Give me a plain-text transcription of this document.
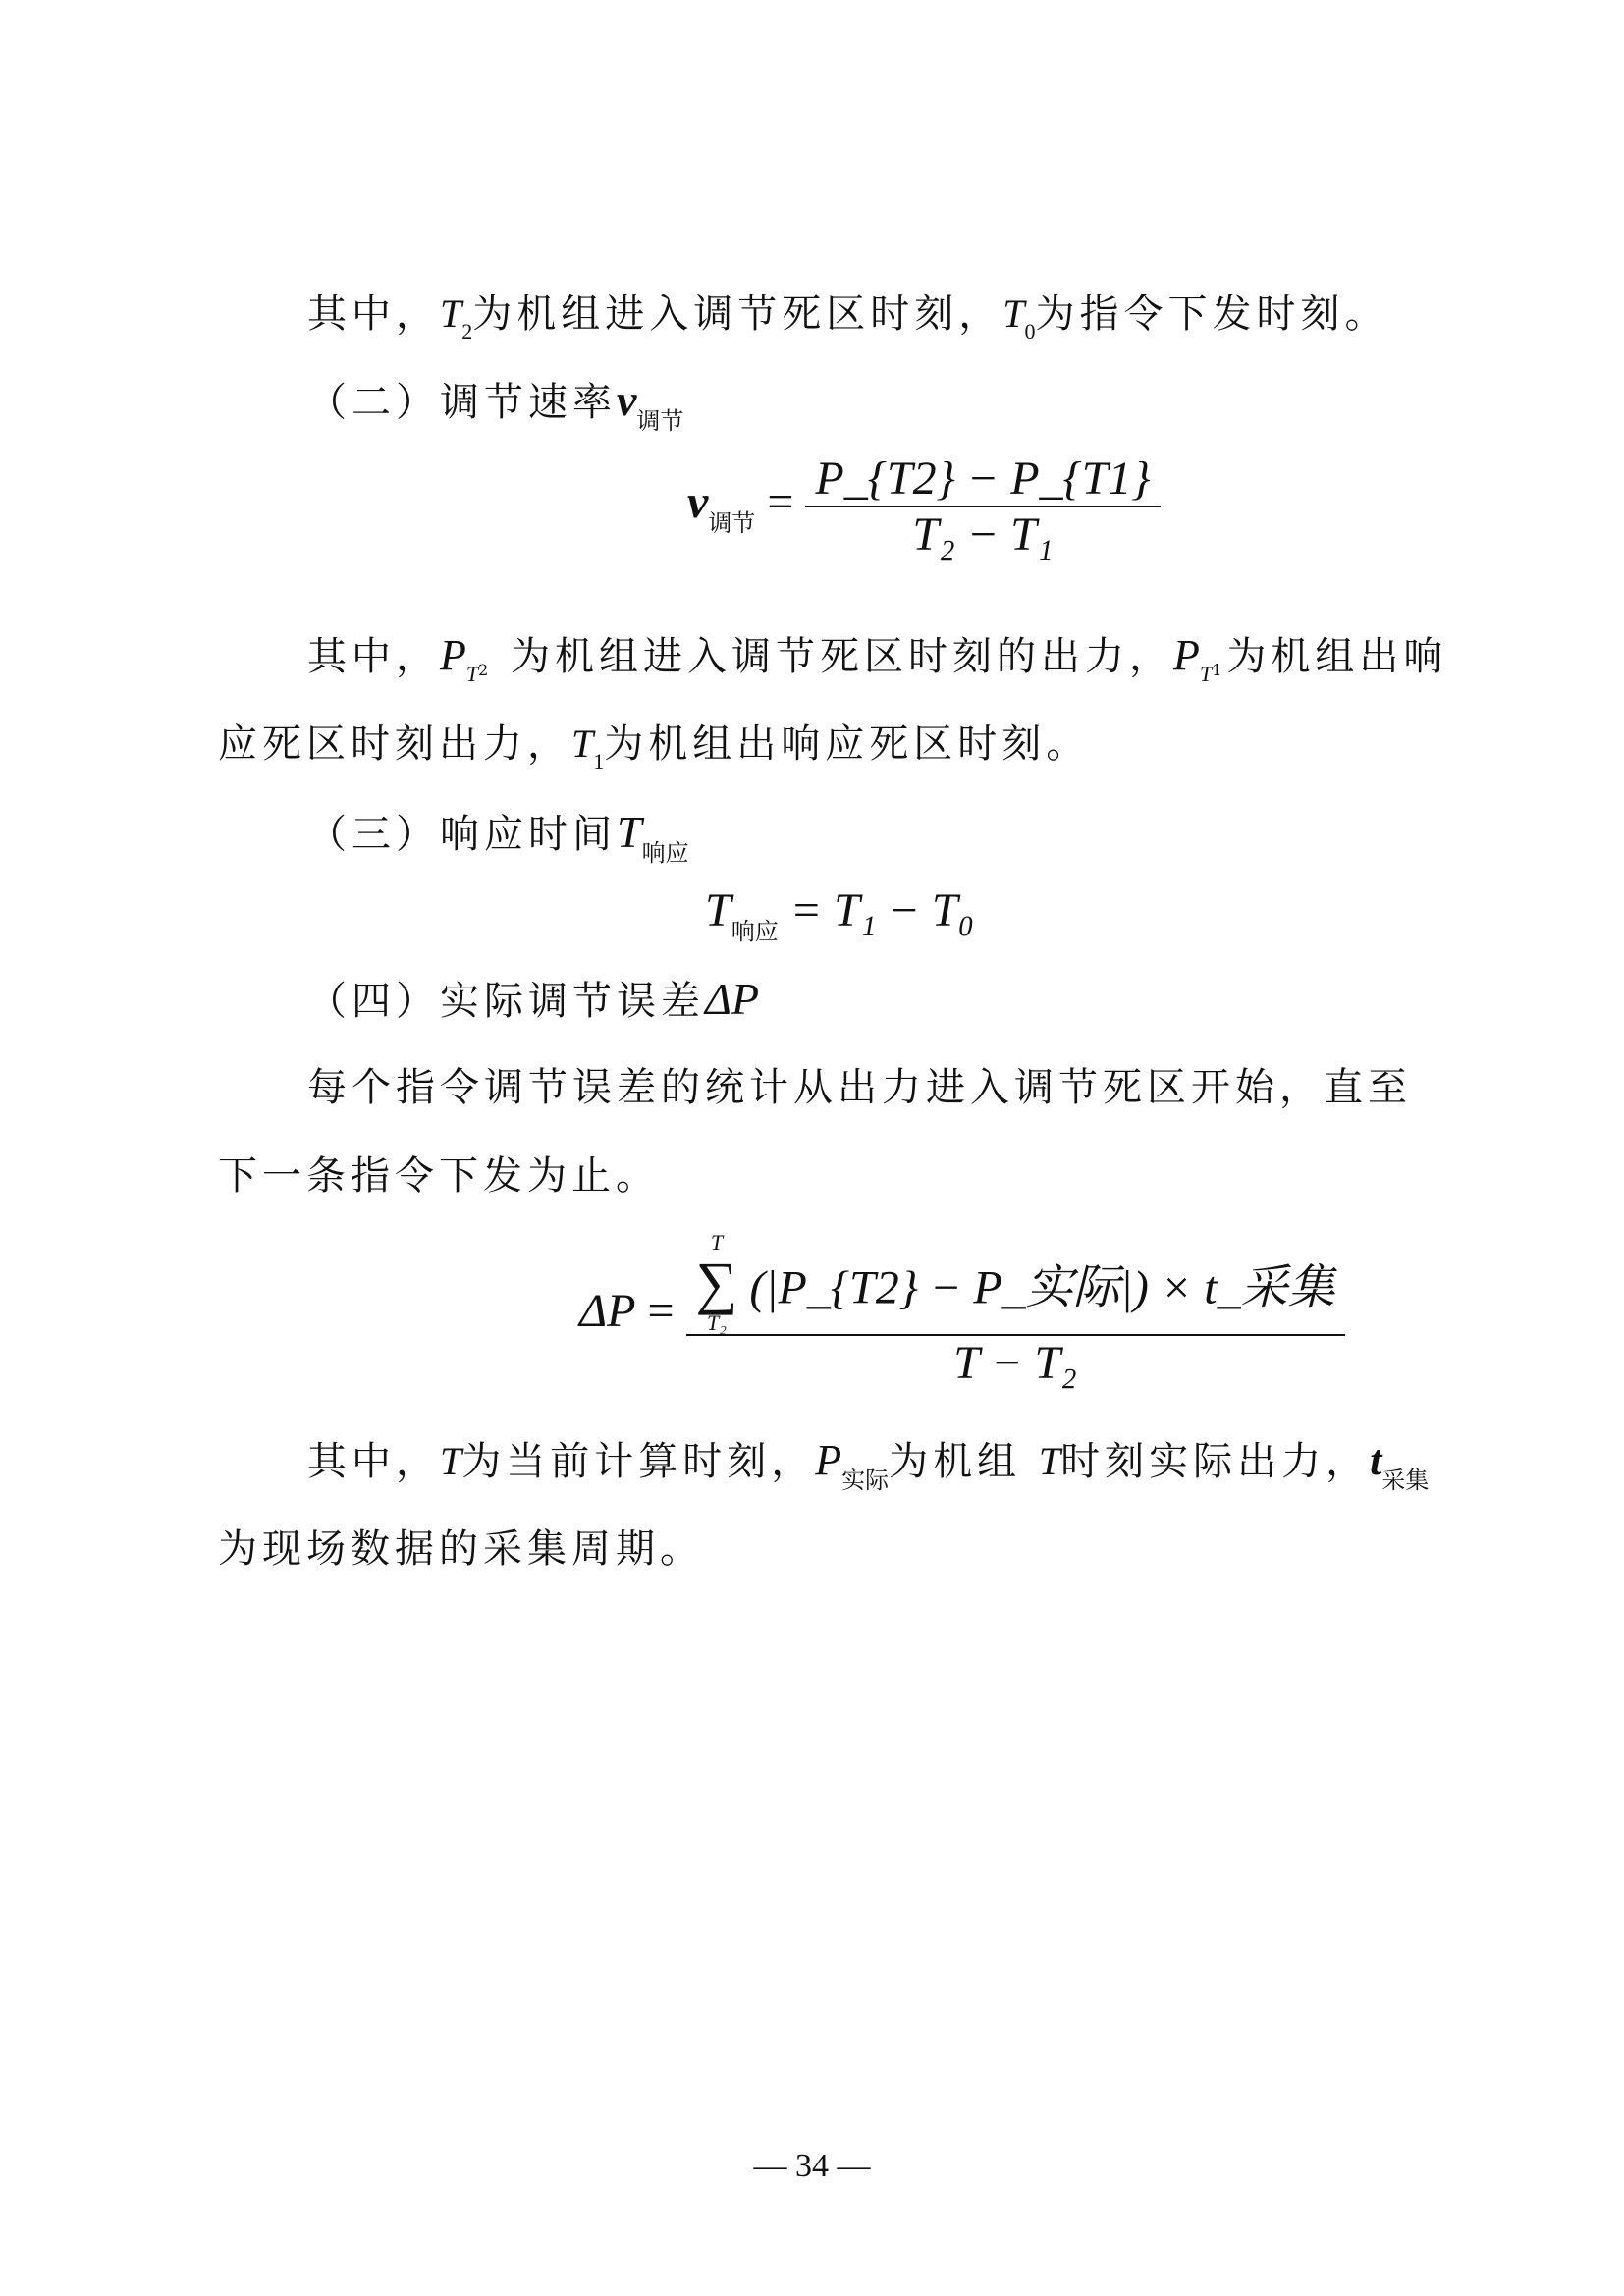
其中，$T_2$为机组进入调节死区时刻，$T_0$为指令下发时刻。
（二）调节速率$v_{调节}$
$v_{调节} = \frac{P\_\{T2\} - P\_\{T1\}}{\text{T₂ − T₁}}$
其中，$P_T2$ 为机组进入调节死区时刻的出力，$P_T1$为机组出响
应死区时刻出力，$T_1$为机组出响应死区时刻。
（三）响应时间$T_{响应}$
$T_{响应} = T_1 - T_0$
（四）实际调节误差ΔP
每个指令调节误差的统计从出力进入调节死区开始，直至
下一条指令下发为止。
ΔP =
T
∑
T₂
(|P_{T2} − P_实际|) × t_采集
T − T₂
其中，T为当前计算时刻，$P_{实际}$为机组 T时刻实际出力，$t_{采集}$
为现场数据的采集周期。
— 34 —
